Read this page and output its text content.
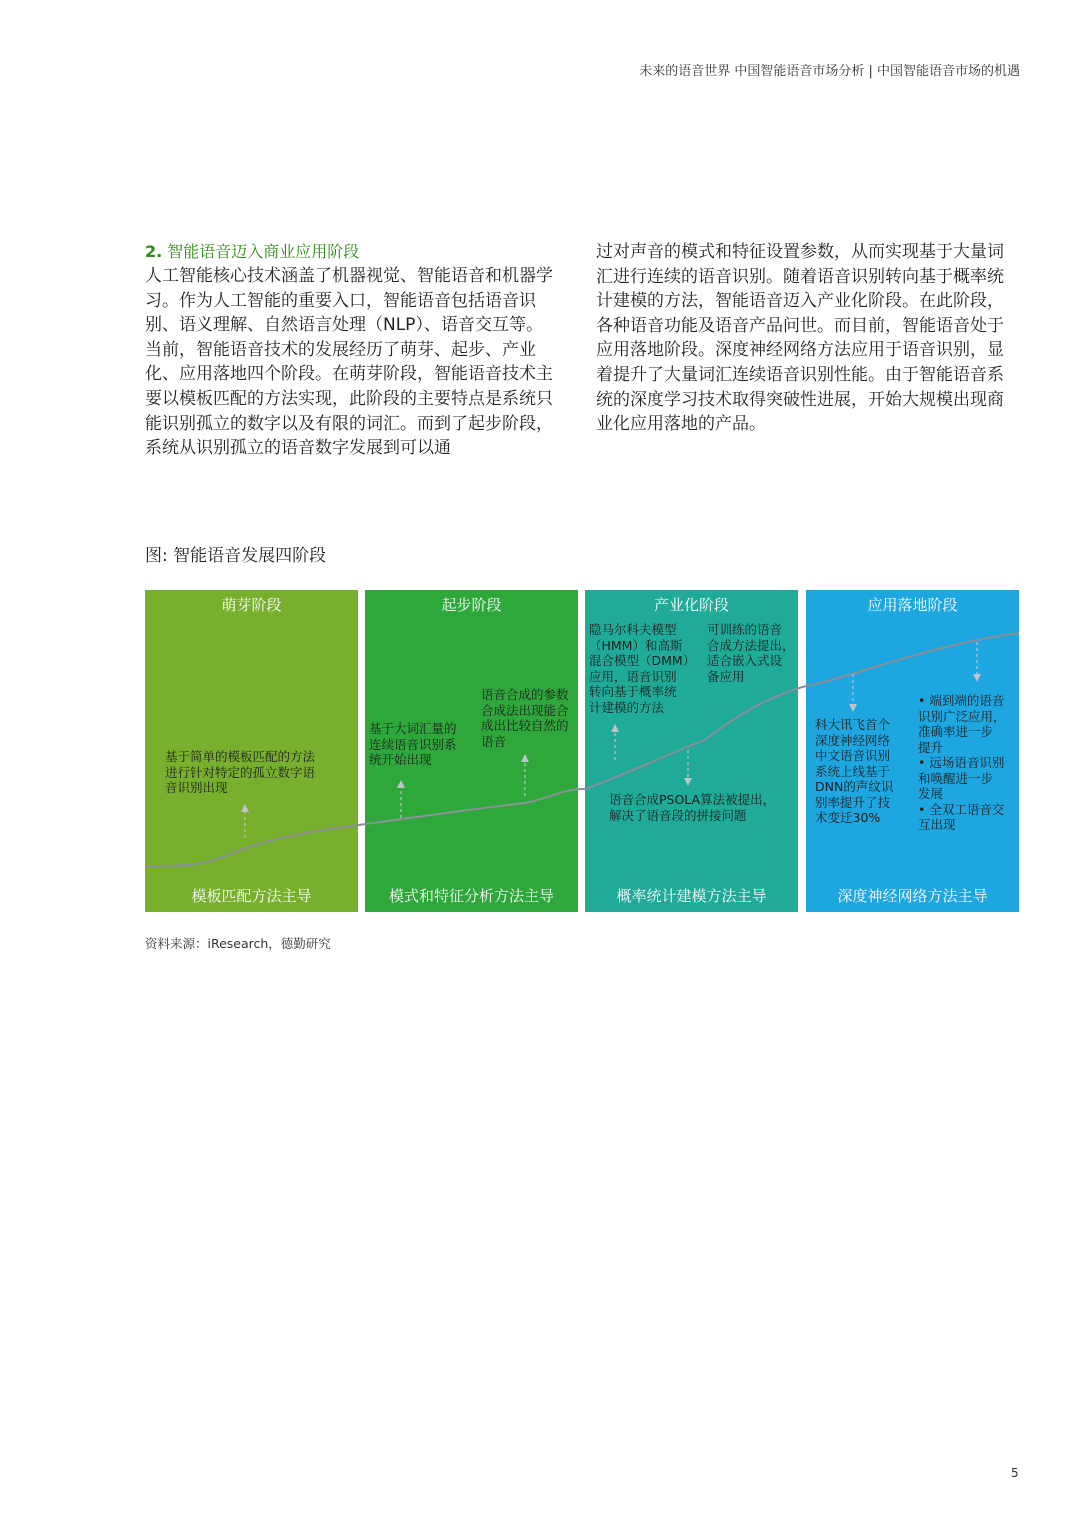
未来的语音世界 中国智能语音市场分析 | 中国智能语音市场的机遇
2. 智能语音迈入商业应用阶段

人工智能核心技术涵盖了机器视觉、智能语音和机器学习。作为人工智能的重要入口，智能语音包括语音识别、语义理解、自然语言处理（NLP）、语音交互等。当前，智能语音技术的发展经历了萌芽、起步、产业化、应用落地四个阶段。在萌芽阶段，智能语音技术主要以模板匹配的方法实现，此阶段的主要特点是系统只能识别孤立的数字以及有限的词汇。而到了起步阶段，系统从识别孤立的语音数字发展到可以通

过对声音的模式和特征设置参数，从而实现基于大量词汇进行连续的语音识别。随着语音识别转向基于概率统计建模的方法，智能语音迈入产业化阶段。在此阶段，各种语音功能及语音产品问世。而目前，智能语音处于应用落地阶段。深度神经网络方法应用于语音识别，显着提升了大量词汇连续语音识别性能。由于智能语音系统的深度学习技术取得突破性进展，开始大规模出现商业化应用落地的产品。

图: 智能语音发展四阶段
萌芽阶段
模板匹配方法主导
基于简单的模板匹配的方法
进行针对特定的孤立数字语
音识别出现
起步阶段
模式和特征分析方法主导
基于大词汇量的
连续语音识别系
统开始出现
语音合成的参数
合成法出现能合
成出比较自然的
语音
产业化阶段
概率统计建模方法主导
隐马尔科夫模型
（HMM）和高斯
混合模型（DMM）
应用，语音识别
转向基于概率统
计建模的方法
可训练的语音
合成方法提出，
适合嵌入式设
备应用
语音合成PSOLA算法被提出，
解决了语音段的拼接问题
应用落地阶段
深度神经网络方法主导
科大讯飞首个
深度神经网络
中文语音识别
系统上线基于
DNN的声纹识
别率提升了技
术变迁30%
• 端到端的语音
识别广泛应用，
准确率进一步
提升
• 远场语音识别
和唤醒进一步
发展
• 全双工语音交
互出现
资料来源：iResearch，德勤研究
5
